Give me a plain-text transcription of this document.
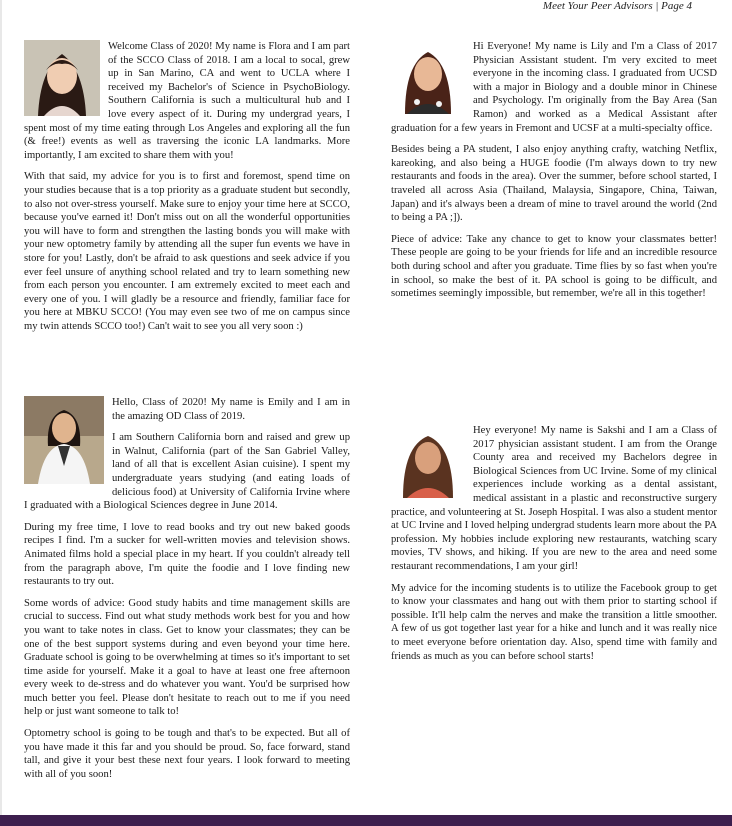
Meet Your Peer Advisors | Page 4

Welcome Class of 2020! My name is Flora and I am part of the SCCO Class of 2018. I am a local to socal, grew up in San Marino, CA and went to UCLA where I received my Bachelor's of Science in PsychoBiology. Southern California is such a multicultural hub and I love every aspect of it. During my undergrad years, I spent most of my time eating through Los Angeles and exploring all the fun (& free!) events as well as traversing the iconic LA landmarks. More importantly, I am excited to share them with you!

With that said, my advice for you is to first and foremost, spend time on your studies because that is a top priority as a graduate student but secondly, to also not over-stress yourself. Make sure to enjoy your time here at SCCO, because you've earned it! Don't miss out on all the wonderful opportunities you will have to form and strengthen the lasting bonds you will make with your new optometry family by attending all the super fun events we have in store for you! Lastly, don't be afraid to ask questions and seek advice if you ever feel unsure of anything school related and try to learn something new from each person you encounter. I am extremely excited to meet each and every one of you. I will gladly be a resource and friendly, familiar face for you here at MBKU SCCO! (You may even see two of me on campus since my twin attends SCCO too!) Can't wait to see you all very soon :)

Hi Everyone! My name is Lily and I'm a Class of 2017 Physician Assistant student. I'm very excited to meet everyone in the incoming class. I graduated from UCSD with a major in Biology and a double minor in Chinese and Psychology. I'm originally from the Bay Area (San Ramon) and worked as a Medical Assistant after graduation for a few years in Fremont and UCSF at a multi-specialty office.

Besides being a PA student, I also enjoy anything crafty, watching Netflix, kareoking, and also being a HUGE foodie (I'm always down to try new restaurants and foods in the area). Over the summer, before school started, I traveled all across Asia (Thailand, Malaysia, Singapore, China, Taiwan, Japan) and it's always been a dream of mine to travel around the world (2nd to being a PA ;]).

Piece of advice: Take any chance to get to know your classmates better! These people are going to be your friends for life and an incredible resource both during school and after you graduate. Time flies by so fast when you're in school, so make the best of it. PA school is going to be difficult, and sometimes seemingly impossible, but remember, we're all in this together!

Hello, Class of 2020! My name is Emily and I am in the amazing OD Class of 2019.

I am Southern California born and raised and grew up in Walnut, California (part of the San Gabriel Valley, land of all that is excellent Asian cuisine). I spent my undergraduate years studying (and eating loads of delicious food) at University of California Irvine where I graduated with a Biological Sciences degree in June 2014.

During my free time, I love to read books and try out new baked goods recipes I find. I'm a sucker for well-written movies and television shows. Animated films hold a special place in my heart. If you couldn't already tell from the paragraph above, I'm quite the foodie and I love finding new restaurants to try out.

Some words of advice: Good study habits and time management skills are crucial to success. Find out what study methods work best for you and how you want to take notes in class. Get to know your classmates; they can be one of the best support systems during and even beyond your time here. Graduate school is going to be overwhelming at times so it's important to set time aside for yourself. Make it a goal to have at least one free afternoon every week to de-stress and do whatever you want. You'd be surprised how much better you feel. Please don't hesitate to reach out to me if you need help or just want someone to talk to!

Optometry school is going to be tough and that's to be expected. But all of you have made it this far and you should be proud. So, face forward, stand tall, and give it your best these next four years. I look forward to meeting with all of you soon!

Hey everyone! My name is Sakshi and I am a Class of 2017 physician assistant student. I am from the Orange County area and received my Bachelors degree in Biological Sciences from UC Irvine. Some of my clinical experiences include working as a dental assistant, medical assistant in a plastic and reconstructive surgery practice, and volunteering at St. Joseph Hospital. I was also a student mentor at UC Irvine and I loved helping undergrad students learn more about the PA profession. My hobbies include exploring new restaurants, watching scary movies, TV shows, and hiking. If you are new to the area and need some restaurant recommendations, I am your girl!

My advice for the incoming students is to utilize the Facebook group to get to know your classmates and hang out with them prior to starting school if possible. It'll help calm the nerves and make the transition a little smoother. A few of us got together last year for a hike and lunch and it was really nice to meet everyone before orientation day. Also, spend time with family and friends as much as you can before school starts!
